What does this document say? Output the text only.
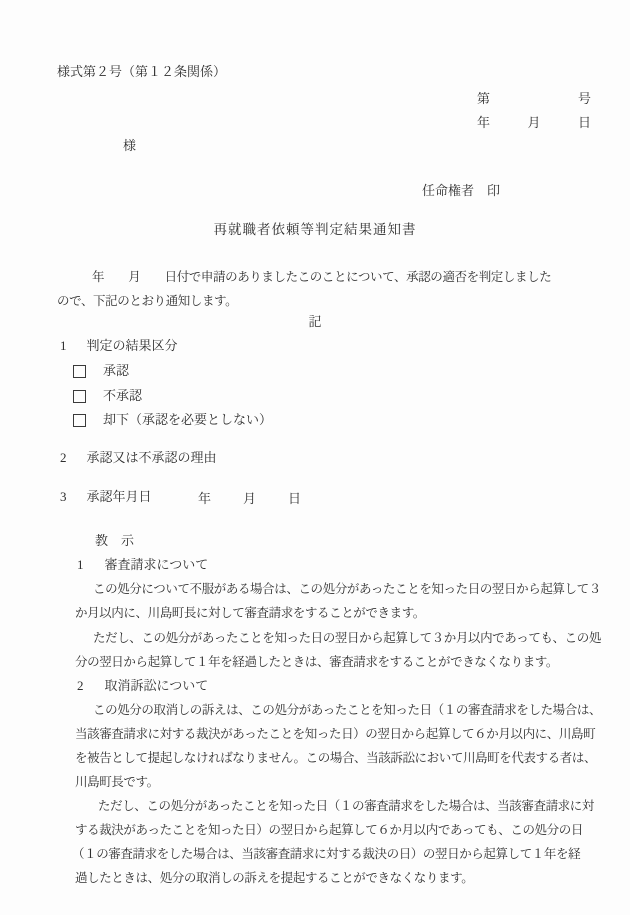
様式第２号（第１２条関係）
第	号
年	月	日
様
任命権者　印
再就職者依頼等判定結果通知書
年　　月　　日付で申請のありましたこのことについて、承認の適否を判定しました
ので、下記のとおり通知します。
記
1 判定の結果区分
承認
不承認
却下（承認を必要としない）
2 承認又は不承認の理由
3 承認年月日	年 月 日
教　示
1 審査請求について
この処分について不服がある場合は、この処分があったことを知った日の翌日から起算して３
か月以内に、川島町長に対して審査請求をすることができます。
ただし、この処分があったことを知った日の翌日から起算して３か月以内であっても、この処
分の翌日から起算して１年を経過したときは、審査請求をすることができなくなります。
2 取消訴訟について
この処分の取消しの訴えは、この処分があったことを知った日（１の審査請求をした場合は、
当該審査請求に対する裁決があったことを知った日）の翌日から起算して６か月以内に、川島町
を被告として提起しなければなりません。この場合、当該訴訟において川島町を代表する者は、
川島町長です。
ただし、この処分があったことを知った日（１の審査請求をした場合は、当該審査請求に対
する裁決があったことを知った日）の翌日から起算して６か月以内であっても、この処分の日
（１の審査請求をした場合は、当該審査請求に対する裁決の日）の翌日から起算して１年を経
過したときは、処分の取消しの訴えを提起することができなくなります。
